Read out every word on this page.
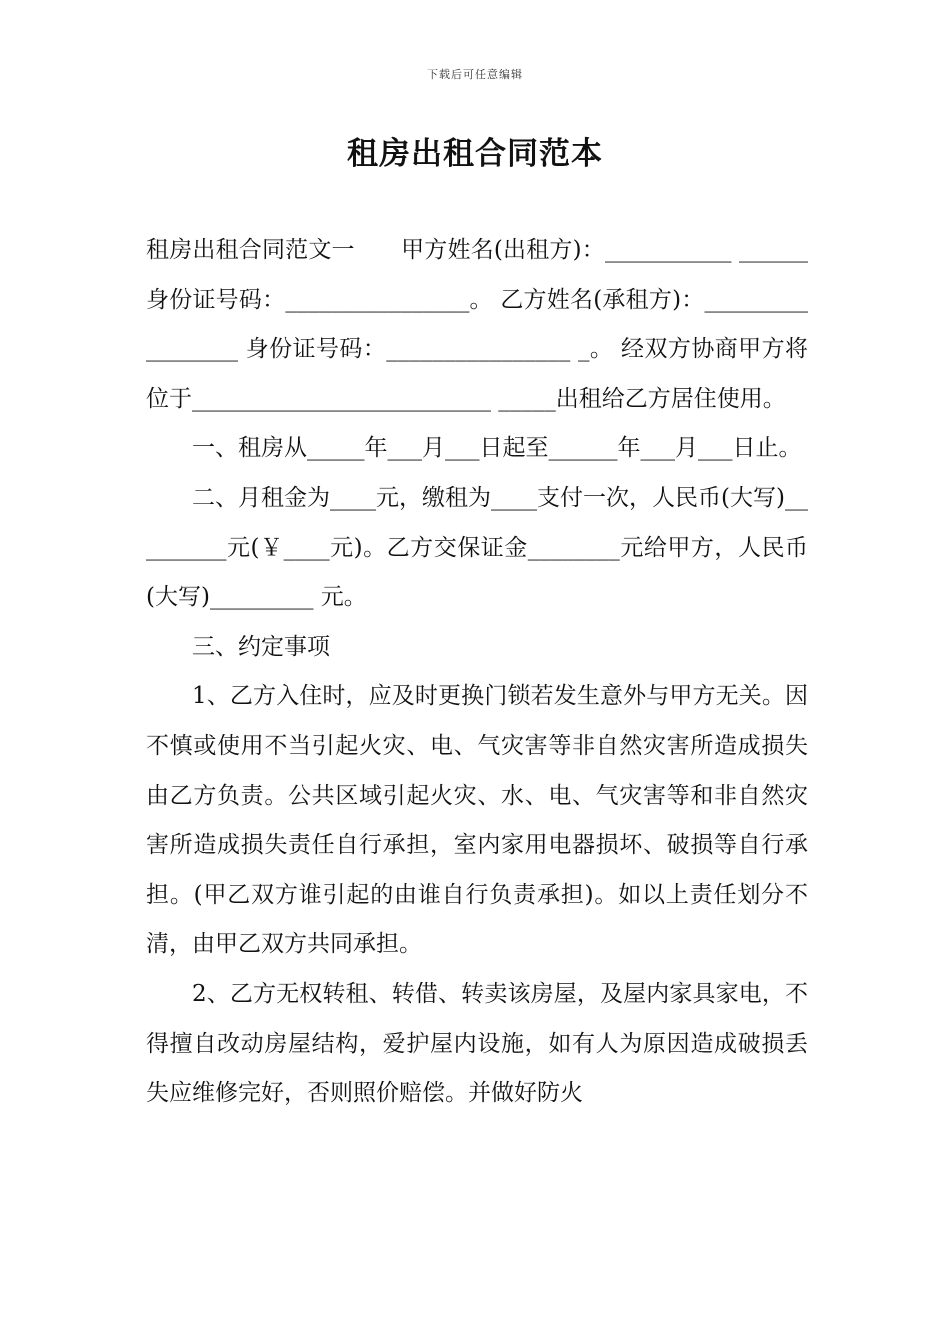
下载后可任意编辑
租房出租合同范本

租房出租合同范文一　　甲方姓名(出租方)：___________ ______ 身份证号码：________________。 乙方姓名(承租方)：_________________ 身份证号码：________________ _。 经双方协商甲方将位于__________________________ _____出租给乙方居住使用。

一、租房从_____年___月___日起至______年___月___日止。

二、月租金为____元，缴租为____支付一次，人民币(大写)_________元(￥____元)。乙方交保证金________元给甲方，人民币(大写)_________ 元。

三、约定事项

1、乙方入住时，应及时更换门锁若发生意外与甲方无关。因不慎或使用不当引起火灾、电、气灾害等非自然灾害所造成损失由乙方负责。公共区域引起火灾、水、电、气灾害等和非自然灾害所造成损失责任自行承担，室内家用电器损坏、破损等自行承担。(甲乙双方谁引起的由谁自行负责承担)。如以上责任划分不清，由甲乙双方共同承担。

2、乙方无权转租、转借、转卖该房屋，及屋内家具家电，不得擅自改动房屋结构，爱护屋内设施，如有人为原因造成破损丢失应维修完好，否则照价赔偿。并做好防火
